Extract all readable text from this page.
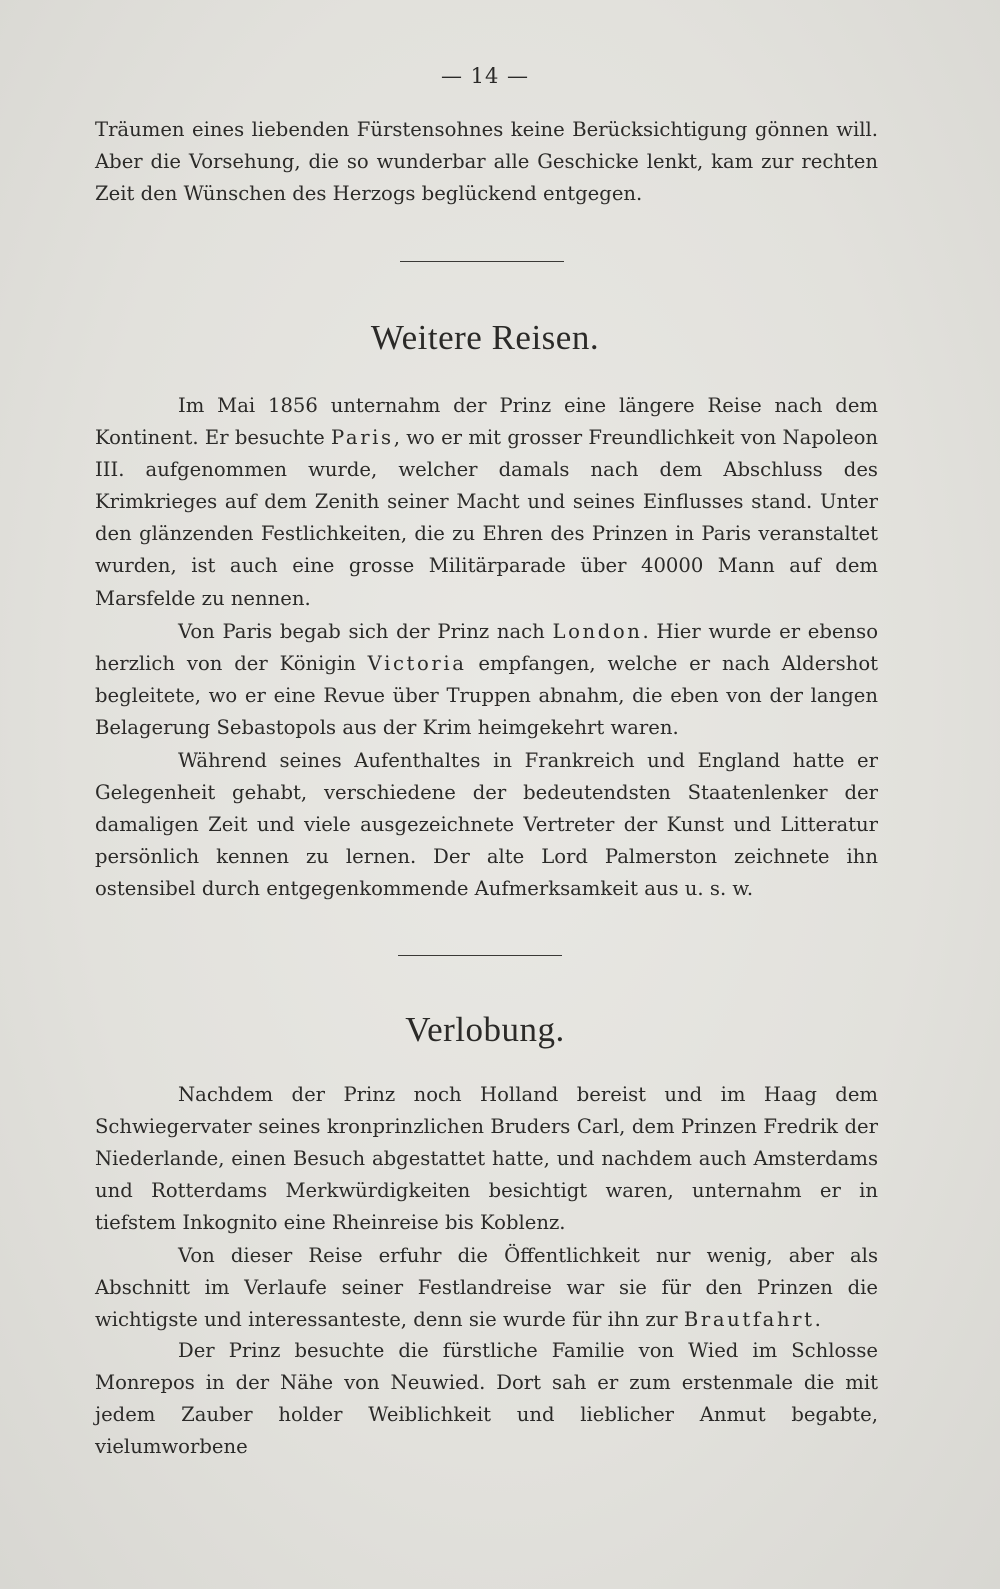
— 14 —

Träumen eines liebenden Fürstensohnes keine Berücksichtigung gönnen will. Aber die Vorsehung, die so wunderbar alle Geschicke lenkt, kam zur rechten Zeit den Wünschen des Herzogs beglückend entgegen.

Weitere Reisen.

Im Mai 1856 unternahm der Prinz eine längere Reise nach dem Kontinent. Er besuchte Paris, wo er mit grosser Freundlichkeit von Napoleon III. aufgenommen wurde, welcher damals nach dem Abschluss des Krimkrieges auf dem Zenith seiner Macht und seines Einflusses stand. Unter den glänzenden Festlichkeiten, die zu Ehren des Prinzen in Paris veranstaltet wurden, ist auch eine grosse Militärparade über 40000 Mann auf dem Marsfelde zu nennen.

Von Paris begab sich der Prinz nach London. Hier wurde er ebenso herzlich von der Königin Victoria empfangen, welche er nach Aldershot begleitete, wo er eine Revue über Truppen abnahm, die eben von der langen Belagerung Sebastopols aus der Krim heimgekehrt waren.

Während seines Aufenthaltes in Frankreich und England hatte er Gelegenheit gehabt, verschiedene der bedeutendsten Staatenlenker der damaligen Zeit und viele ausgezeichnete Vertreter der Kunst und Litteratur persönlich kennen zu lernen. Der alte Lord Palmerston zeichnete ihn ostensibel durch entgegenkommende Aufmerksamkeit aus u. s. w.

Verlobung.

Nachdem der Prinz noch Holland bereist und im Haag dem Schwiegervater seines kronprinzlichen Bruders Carl, dem Prinzen Fredrik der Niederlande, einen Besuch abgestattet hatte, und nachdem auch Amsterdams und Rotterdams Merkwürdigkeiten besichtigt waren, unternahm er in tiefstem Inkognito eine Rheinreise bis Koblenz.

Von dieser Reise erfuhr die Öffentlichkeit nur wenig, aber als Abschnitt im Verlaufe seiner Festlandreise war sie für den Prinzen die wichtigste und interessanteste, denn sie wurde für ihn zur Brautfahrt.

Der Prinz besuchte die fürstliche Familie von Wied im Schlosse Monrepos in der Nähe von Neuwied. Dort sah er zum erstenmale die mit jedem Zauber holder Weiblichkeit und lieblicher Anmut begabte, vielumworbene
